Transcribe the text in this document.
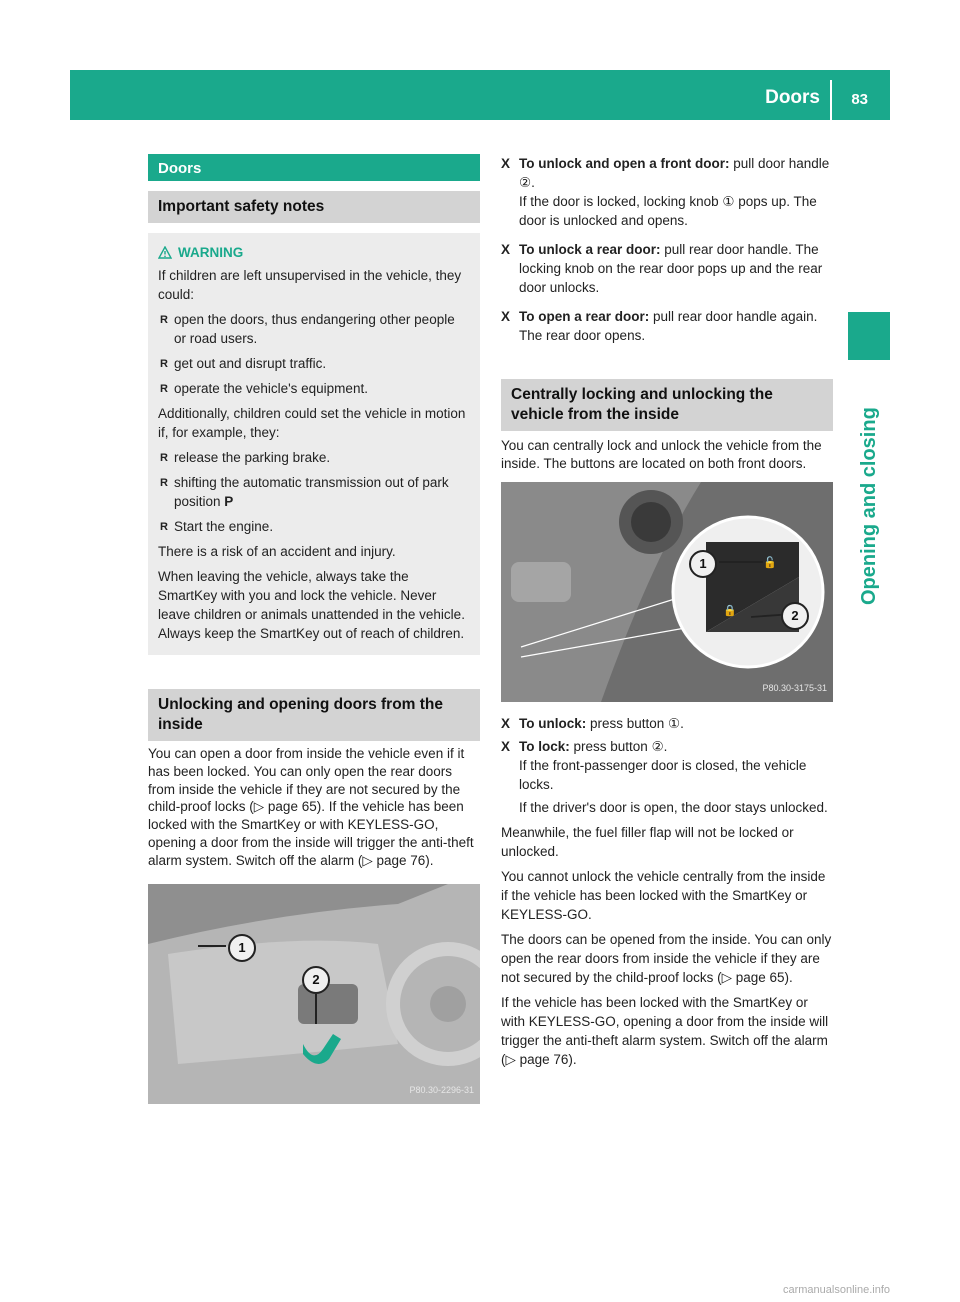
Doors 83
Opening and closing
Doors
Important safety notes
WARNING

If children are left unsupervised in the vehicle, they could:

R open the doors, thus endangering other people or road users.
R get out and disrupt traffic.
R operate the vehicle's equipment.

Additionally, children could set the vehicle in motion if, for example, they:

R release the parking brake.
R shifting the automatic transmission out of park position P
R Start the engine.

There is a risk of an accident and injury.

When leaving the vehicle, always take the SmartKey with you and lock the vehicle. Never leave children or animals unattended in the vehicle. Always keep the SmartKey out of reach of children.

Unlocking and opening doors from the inside

You can open a door from inside the vehicle even if it has been locked. You can only open the rear doors from inside the vehicle if they are not secured by the child-proof locks (▷ page 65). If the vehicle has been locked with the SmartKey or with KEYLESS-GO, opening a door from the inside will trigger the anti-theft alarm system. Switch off the alarm (▷ page 76).

1
2
P80.30-2296-31
X To unlock and open a front door: pull door handle ②.
If the door is locked, locking knob ① pops up. The door is unlocked and opens.
X To unlock a rear door: pull rear door handle. The locking knob on the rear door pops up and the rear door unlocks.
X To open a rear door: pull rear door handle again.
The rear door opens.
Centrally locking and unlocking the vehicle from the inside

You can centrally lock and unlock the vehicle from the inside. The buttons are located on both front doors.

🔓
🔒
1
2
P80.30-3175-31
X To unlock: press button ①.
X To lock: press button ②.
If the front-passenger door is closed, the vehicle locks.
If the driver's door is open, the door stays unlocked.

Meanwhile, the fuel filler flap will not be locked or unlocked.

You cannot unlock the vehicle centrally from the inside if the vehicle has been locked with the SmartKey or KEYLESS-GO.

The doors can be opened from the inside. You can only open the rear doors from inside the vehicle if they are not secured by the child-proof locks (▷ page 65).

If the vehicle has been locked with the SmartKey or with KEYLESS-GO, opening a door from the inside will trigger the anti-theft alarm system. Switch off the alarm (▷ page 76).

carmanualsonline.info
